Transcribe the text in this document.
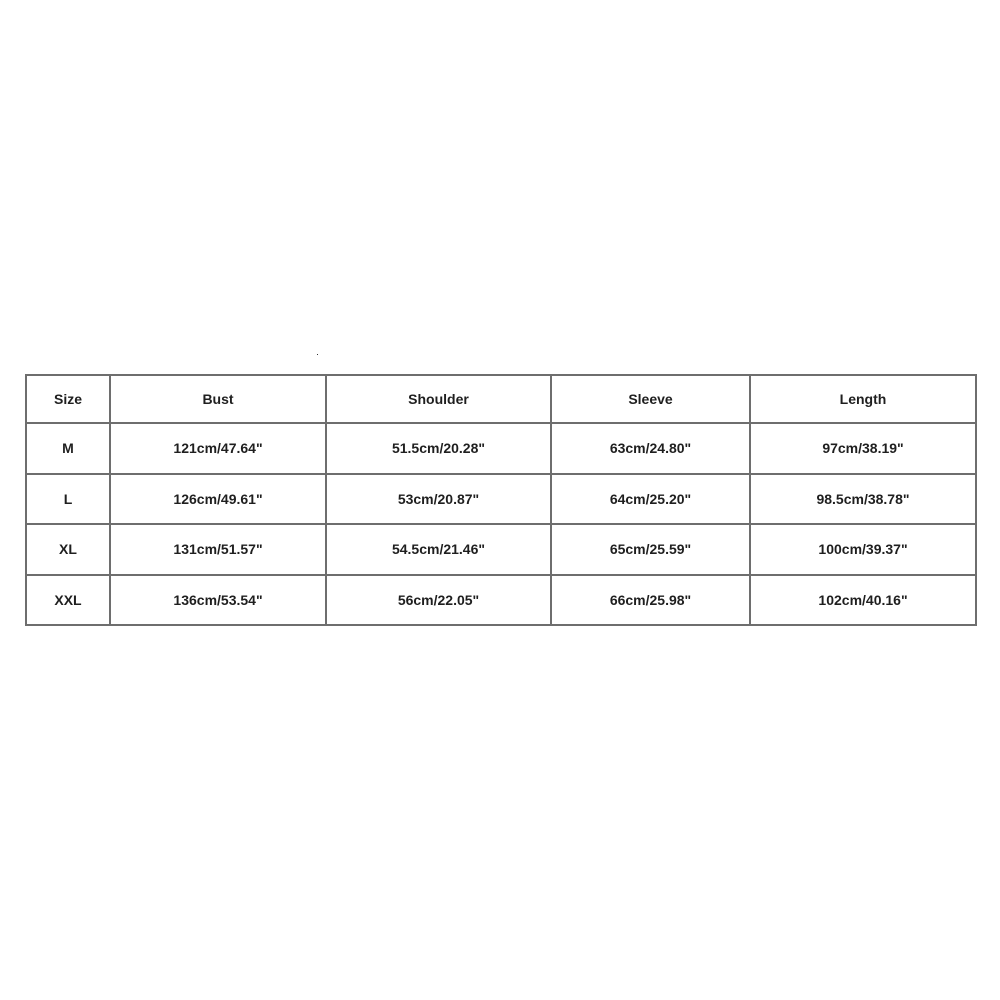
Size	Bust	Shoulder	Sleeve	Length
M	121cm/47.64"	51.5cm/20.28"	63cm/24.80"	97cm/38.19"
L	126cm/49.61"	53cm/20.87"	64cm/25.20"	98.5cm/38.78"
XL	131cm/51.57"	54.5cm/21.46"	65cm/25.59"	100cm/39.37"
XXL	136cm/53.54"	56cm/22.05"	66cm/25.98"	102cm/40.16"
